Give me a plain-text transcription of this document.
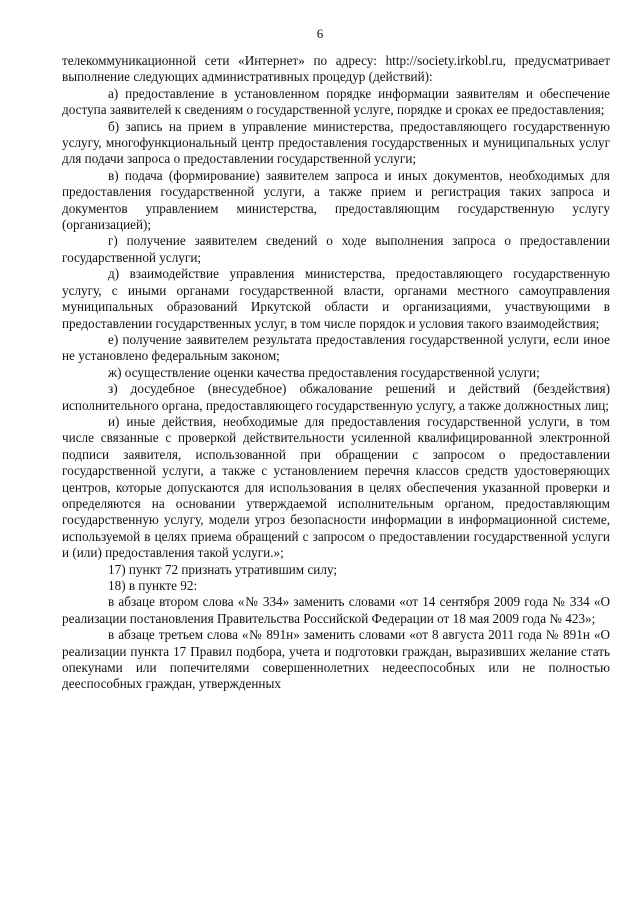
6

телекоммуникационной сети «Интернет» по адресу: http://society.irkobl.ru, предусматривает выполнение следующих административных процедур (действий):

а) предоставление в установленном порядке информации заявителям и обеспечение доступа заявителей к сведениям о государственной услуге, порядке и сроках ее предоставления;

б) запись на прием в управление министерства, предоставляющего государственную услугу, многофункциональный центр предоставления государственных и муниципальных услуг для подачи запроса о предоставлении государственной услуги;

в) подача (формирование) заявителем запроса и иных документов, необходимых для предоставления государственной услуги, а также прием и регистрация таких запроса и документов управлением министерства, предоставляющим государственную услугу (организацией);

г) получение заявителем сведений о ходе выполнения запроса о предоставлении государственной услуги;

д) взаимодействие управления министерства, предоставляющего государственную услугу, с иными органами государственной власти, органами местного самоуправления муниципальных образований Иркутской области и организациями, участвующими в предоставлении государственных услуг, в том числе порядок и условия такого взаимодействия;

е) получение заявителем результата предоставления государственной услуги, если иное не установлено федеральным законом;

ж) осуществление оценки качества предоставления государственной услуги;

з) досудебное (внесудебное) обжалование решений и действий (бездействия) исполнительного органа, предоставляющего государственную услугу, а также должностных лиц;

и) иные действия, необходимые для предоставления государственной услуги, в том числе связанные с проверкой действительности усиленной квалифицированной электронной подписи заявителя, использованной при обращении с запросом о предоставлении государственной услуги, а также с установлением перечня классов средств удостоверяющих центров, которые допускаются для использования в целях обеспечения указанной проверки и определяются на основании утверждаемой исполнительным органом, предоставляющим государственную услугу, модели угроз безопасности информации в информационной системе, используемой в целях приема обращений с запросом о предоставлении государственной услуги и (или) предоставления такой услуги.»;

17) пункт 72 признать утратившим силу;

18) в пункте 92:

в абзаце втором слова «№ 334» заменить словами «от 14 сентября 2009 года № 334 «О реализации постановления Правительства Российской Федерации от 18 мая 2009 года № 423»;

в абзаце третьем слова «№ 891н» заменить словами «от 8 августа 2011 года № 891н «О реализации пункта 17 Правил подбора, учета и подготовки граждан, выразивших желание стать опекунами или попечителями совершеннолетних недееспособных или не полностью дееспособных граждан, утвержденных
